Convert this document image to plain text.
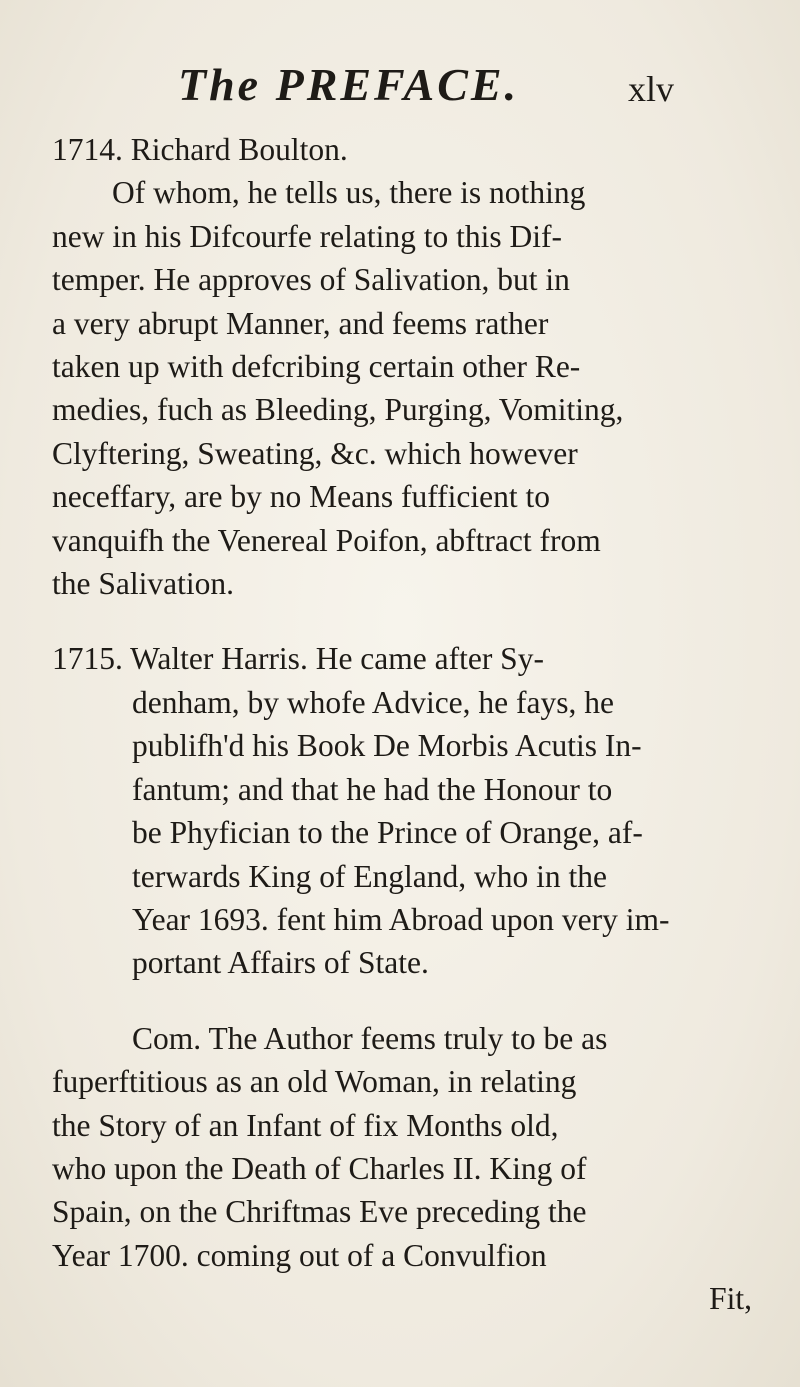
The PREFACE.	xlv

1714. Richard Boulton.
Of whom, he tells us, there is nothing
new in his Difcourfe relating to this Dif-
temper. He approves of Salivation, but in
a very abrupt Manner, and feems rather
taken up with defcribing certain other Re-
medies, fuch as Bleeding, Purging, Vomiting,
Clyftering, Sweating, &c. which however
neceffary, are by no Means fufficient to
vanquifh the Venereal Poifon, abftract from
the Salivation.

1715. Walter Harris. He came after Sy-
denham, by whofe Advice, he fays, he
publifh'd his Book De Morbis Acutis In-
fantum; and that he had the Honour to
be Phyfician to the Prince of Orange, af-
terwards King of England, who in the
Year 1693. fent him Abroad upon very im-
portant Affairs of State.

Com. The Author feems truly to be as
fuperftitious as an old Woman, in relating
the Story of an Infant of fix Months old,
who upon the Death of Charles II. King of
Spain, on the Chriftmas Eve preceding the
Year 1700. coming out of a Convulfion
Fit,
